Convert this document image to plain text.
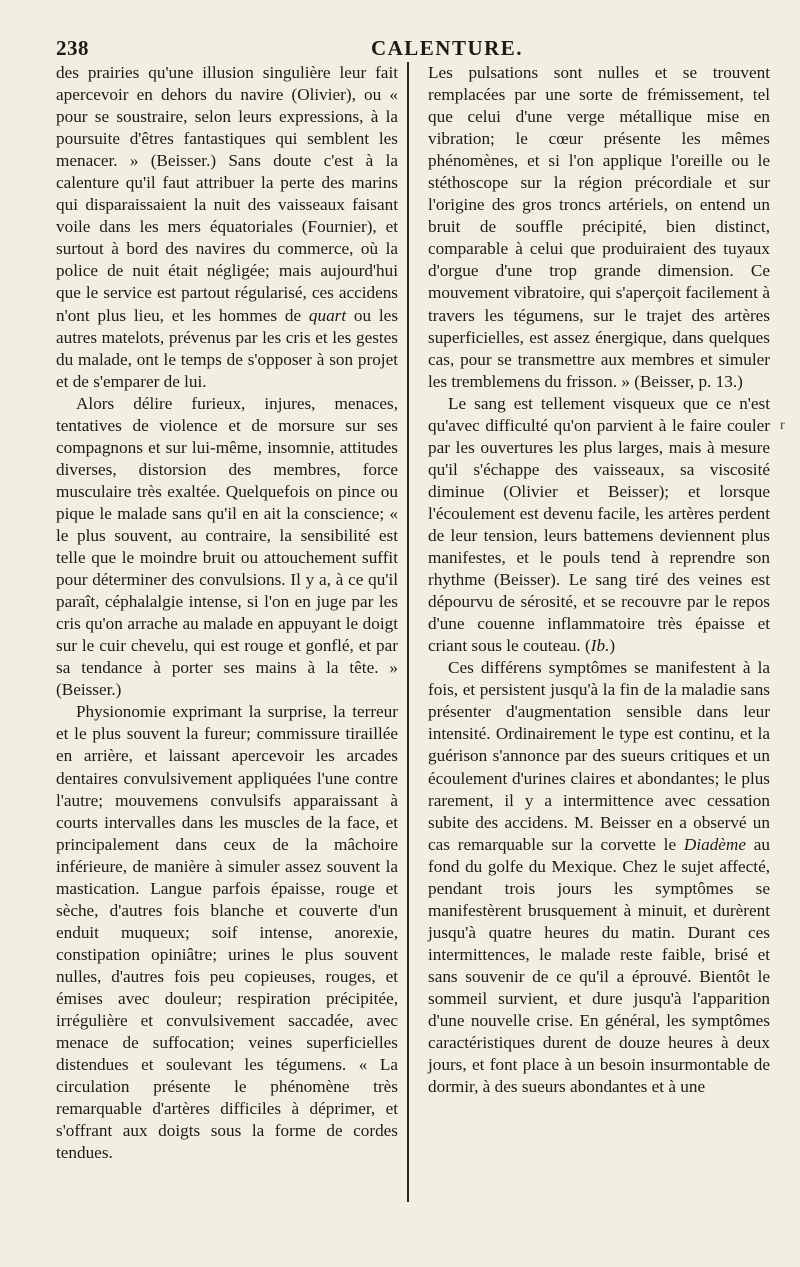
238	CALENTURE.

des prairies qu'une illusion singulière leur fait apercevoir en dehors du navire (Olivier), ou « pour se soustraire, selon leurs expressions, à la poursuite d'êtres fantastiques qui semblent les menacer. » (Beisser.) Sans doute c'est à la calenture qu'il faut attribuer la perte des marins qui disparaissaient la nuit des vaisseaux faisant voile dans les mers équatoriales (Fournier), et surtout à bord des navires du commerce, où la police de nuit était négligée; mais aujourd'hui que le service est partout régularisé, ces accidens n'ont plus lieu, et les hommes de quart ou les autres matelots, prévenus par les cris et les gestes du malade, ont le temps de s'opposer à son projet et de s'emparer de lui.

Alors délire furieux, injures, menaces, tentatives de violence et de morsure sur ses compagnons et sur lui-même, insomnie, attitudes diverses, distorsion des membres, force musculaire très exaltée. Quelquefois on pince ou pique le malade sans qu'il en ait la conscience; « le plus souvent, au contraire, la sensibilité est telle que le moindre bruit ou attouchement suffit pour déterminer des convulsions. Il y a, à ce qu'il paraît, céphalalgie intense, si l'on en juge par les cris qu'on arrache au malade en appuyant le doigt sur le cuir chevelu, qui est rouge et gonflé, et par sa tendance à porter ses mains à la tête. » (Beisser.)

Physionomie exprimant la surprise, la terreur et le plus souvent la fureur; commissure tiraillée en arrière, et laissant apercevoir les arcades dentaires convulsivement appliquées l'une contre l'autre; mouvemens convulsifs apparaissant à courts intervalles dans les muscles de la face, et principalement dans ceux de la mâchoire inférieure, de manière à simuler assez souvent la mastication. Langue parfois épaisse, rouge et sèche, d'autres fois blanche et couverte d'un enduit muqueux; soif intense, anorexie, constipation opiniâtre; urines le plus souvent nulles, d'autres fois peu copieuses, rouges, et émises avec douleur; respiration précipitée, irrégulière et convulsivement saccadée, avec menace de suffocation; veines superficielles distendues et soulevant les tégumens. « La circulation présente le phénomène très remarquable d'artères difficiles à déprimer, et s'offrant aux doigts sous la forme de cordes tendues.

Les pulsations sont nulles et se trouvent remplacées par une sorte de frémissement, tel que celui d'une verge métallique mise en vibration; le cœur présente les mêmes phénomènes, et si l'on applique l'oreille ou le stéthoscope sur la région précordiale et sur l'origine des gros troncs artériels, on entend un bruit de souffle précipité, bien distinct, comparable à celui que produiraient des tuyaux d'orgue d'une trop grande dimension. Ce mouvement vibratoire, qui s'aperçoit facilement à travers les tégumens, sur le trajet des artères superficielles, est assez énergique, dans quelques cas, pour se transmettre aux membres et simuler les tremblemens du frisson. » (Beisser, p. 13.)

Le sang est tellement visqueux que ce n'est qu'avec difficulté qu'on parvient à le faire couler par les ouvertures les plus larges, mais à mesure qu'il s'échappe des vaisseaux, sa viscosité diminue (Olivier et Beisser); et lorsque l'écoulement est devenu facile, les artères perdent de leur tension, leurs battemens deviennent plus manifestes, et le pouls tend à reprendre son rhythme (Beisser). Le sang tiré des veines est dépourvu de sérosité, et se recouvre par le repos d'une couenne inflammatoire très épaisse et criant sous le couteau. (Ib.)

Ces différens symptômes se manifestent à la fois, et persistent jusqu'à la fin de la maladie sans présenter d'augmentation sensible dans leur intensité. Ordinairement le type est continu, et la guérison s'annonce par des sueurs critiques et un écoulement d'urines claires et abondantes; le plus rarement, il y a intermittence avec cessation subite des accidens. M. Beisser en a observé un cas remarquable sur la corvette le Diadème au fond du golfe du Mexique. Chez le sujet affecté, pendant trois jours les symptômes se manifestèrent brusquement à minuit, et durèrent jusqu'à quatre heures du matin. Durant ces intermittences, le malade reste faible, brisé et sans souvenir de ce qu'il a éprouvé. Bientôt le sommeil survient, et dure jusqu'à l'apparition d'une nouvelle crise. En général, les symptômes caractéristiques durent de douze heures à deux jours, et font place à un besoin insurmontable de dormir, à des sueurs abondantes et à une

r
